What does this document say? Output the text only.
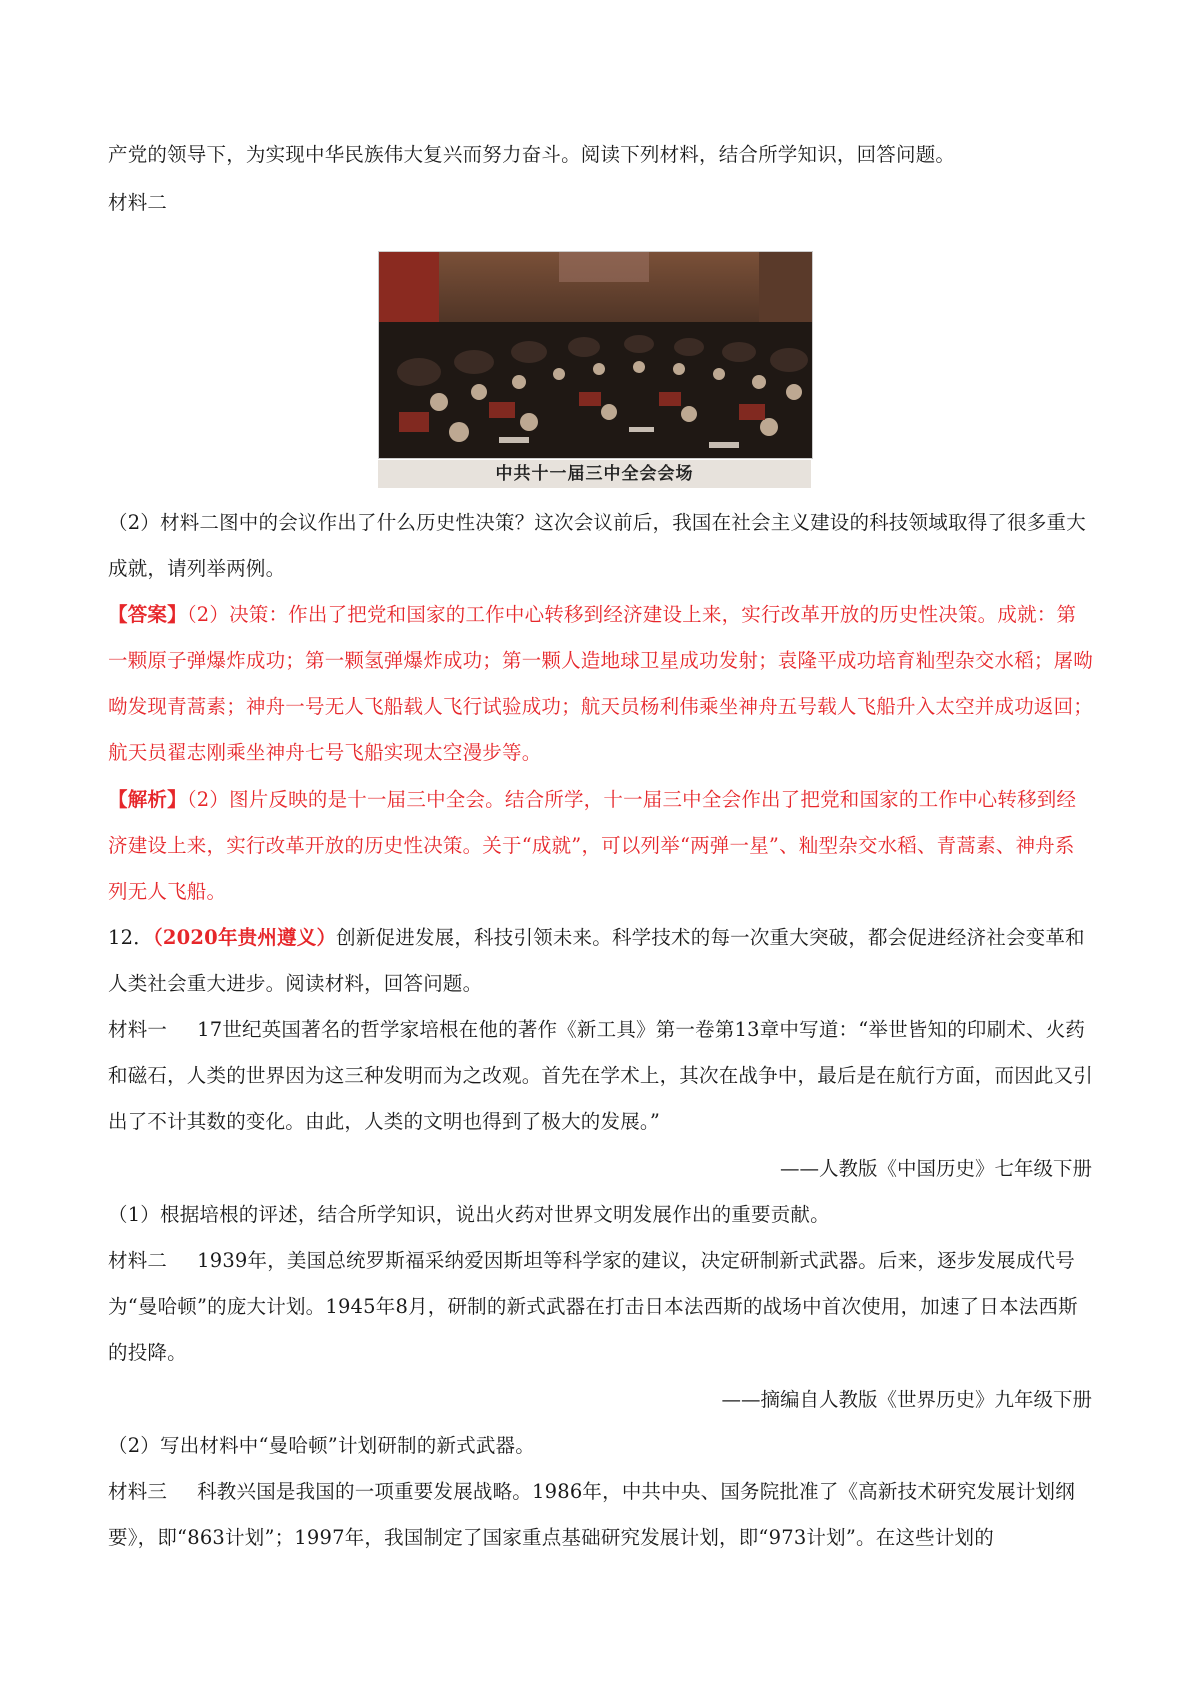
产党的领导下，为实现中华民族伟大复兴而努力奋斗。阅读下列材料，结合所学知识，回答问题。

材料二

中共十一届三中全会会场

（2）材料二图中的会议作出了什么历史性决策？这次会议前后，我国在社会主义建设的科技领域取得了很多重大成就，请列举两例。

【答案】（2）决策：作出了把党和国家的工作中心转移到经济建设上来，实行改革开放的历史性决策。成就：第一颗原子弹爆炸成功；第一颗氢弹爆炸成功；第一颗人造地球卫星成功发射；袁隆平成功培育籼型杂交水稻；屠呦呦发现青蒿素；神舟一号无人飞船载人飞行试验成功；航天员杨利伟乘坐神舟五号载人飞船升入太空并成功返回；航天员翟志刚乘坐神舟七号飞船实现太空漫步等。

【解析】（2）图片反映的是十一届三中全会。结合所学，十一届三中全会作出了把党和国家的工作中心转移到经济建设上来，实行改革开放的历史性决策。关于“成就”，可以列举“两弹一星”、籼型杂交水稻、青蒿素、神舟系列无人飞船。

12．（2020年贵州遵义）创新促进发展，科技引领未来。科学技术的每一次重大突破，都会促进经济社会变革和人类社会重大进步。阅读材料，回答问题。

材料一 17世纪英国著名的哲学家培根在他的著作《新工具》第一卷第13章中写道：“举世皆知的印刷术、火药和磁石，人类的世界因为这三种发明而为之改观。首先在学术上，其次在战争中，最后是在航行方面，而因此又引出了不计其数的变化。由此，人类的文明也得到了极大的发展。”

——人教版《中国历史》七年级下册

（1）根据培根的评述，结合所学知识，说出火药对世界文明发展作出的重要贡献。

材料二 1939年，美国总统罗斯福采纳爱因斯坦等科学家的建议，决定研制新式武器。后来，逐步发展成代号为“曼哈顿”的庞大计划。1945年8月，研制的新式武器在打击日本法西斯的战场中首次使用，加速了日本法西斯的投降。

——摘编自人教版《世界历史》九年级下册

（2）写出材料中“曼哈顿”计划研制的新式武器。

材料三 科教兴国是我国的一项重要发展战略。1986年，中共中央、国务院批准了《高新技术研究发展计划纲要》，即“863计划”；1997年，我国制定了国家重点基础研究发展计划，即“973计划”。在这些计划的
